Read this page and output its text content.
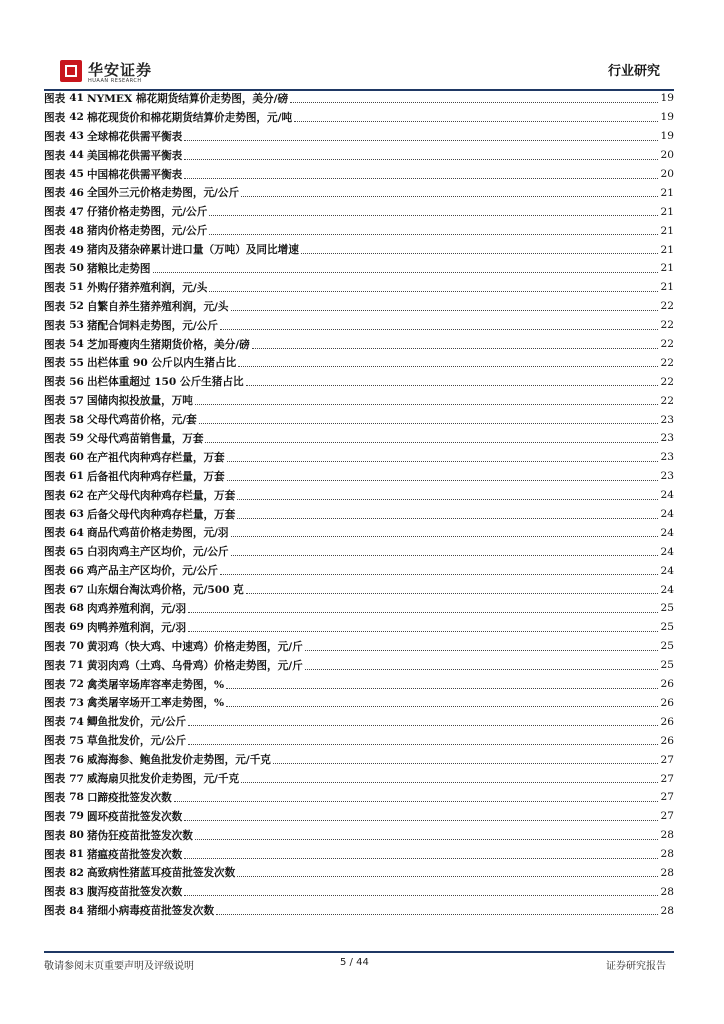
华安证券
HUAAN RESEARCH
行业研究
图表 41 NYMEX 棉花期货结算价走势图，美分/磅	19
图表 42 棉花现货价和棉花期货结算价走势图，元/吨	19
图表 43 全球棉花供需平衡表	19
图表 44 美国棉花供需平衡表	20
图表 45 中国棉花供需平衡表	20
图表 46 全国外三元价格走势图，元/公斤	21
图表 47 仔猪价格走势图，元/公斤	21
图表 48 猪肉价格走势图，元/公斤	21
图表 49 猪肉及猪杂碎累计进口量（万吨）及同比增速	21
图表 50 猪粮比走势图	21
图表 51 外购仔猪养殖利润，元/头	21
图表 52 自繁自养生猪养殖利润，元/头	22
图表 53 猪配合饲料走势图，元/公斤	22
图表 54 芝加哥瘦肉生猪期货价格，美分/磅	22
图表 55 出栏体重 90 公斤以内生猪占比	22
图表 56 出栏体重超过 150 公斤生猪占比	22
图表 57 国储肉拟投放量，万吨	22
图表 58 父母代鸡苗价格，元/套	23
图表 59 父母代鸡苗销售量，万套	23
图表 60 在产祖代肉种鸡存栏量，万套	23
图表 61 后备祖代肉种鸡存栏量，万套	23
图表 62 在产父母代肉种鸡存栏量，万套	24
图表 63 后备父母代肉种鸡存栏量，万套	24
图表 64 商品代鸡苗价格走势图，元/羽	24
图表 65 白羽肉鸡主产区均价，元/公斤	24
图表 66 鸡产品主产区均价，元/公斤	24
图表 67 山东烟台淘汰鸡价格，元/500 克	24
图表 68 肉鸡养殖利润，元/羽	25
图表 69 肉鸭养殖利润，元/羽	25
图表 70 黄羽鸡（快大鸡、中速鸡）价格走势图，元/斤	25
图表 71 黄羽肉鸡（土鸡、乌骨鸡）价格走势图，元/斤	25
图表 72 禽类屠宰场库容率走势图，%	26
图表 73 禽类屠宰场开工率走势图，%	26
图表 74 鲫鱼批发价，元/公斤	26
图表 75 草鱼批发价，元/公斤	26
图表 76 威海海参、鲍鱼批发价走势图，元/千克	27
图表 77 威海扇贝批发价走势图，元/千克	27
图表 78 口蹄疫批签发次数	27
图表 79 圆环疫苗批签发次数	27
图表 80 猪伪狂疫苗批签发次数	28
图表 81 猪瘟疫苗批签发次数	28
图表 82 高致病性猪蓝耳疫苗批签发次数	28
图表 83 腹泻疫苗批签发次数	28
图表 84 猪细小病毒疫苗批签发次数	28
敬请参阅末页重要声明及评级说明	5 / 44	证券研究报告
